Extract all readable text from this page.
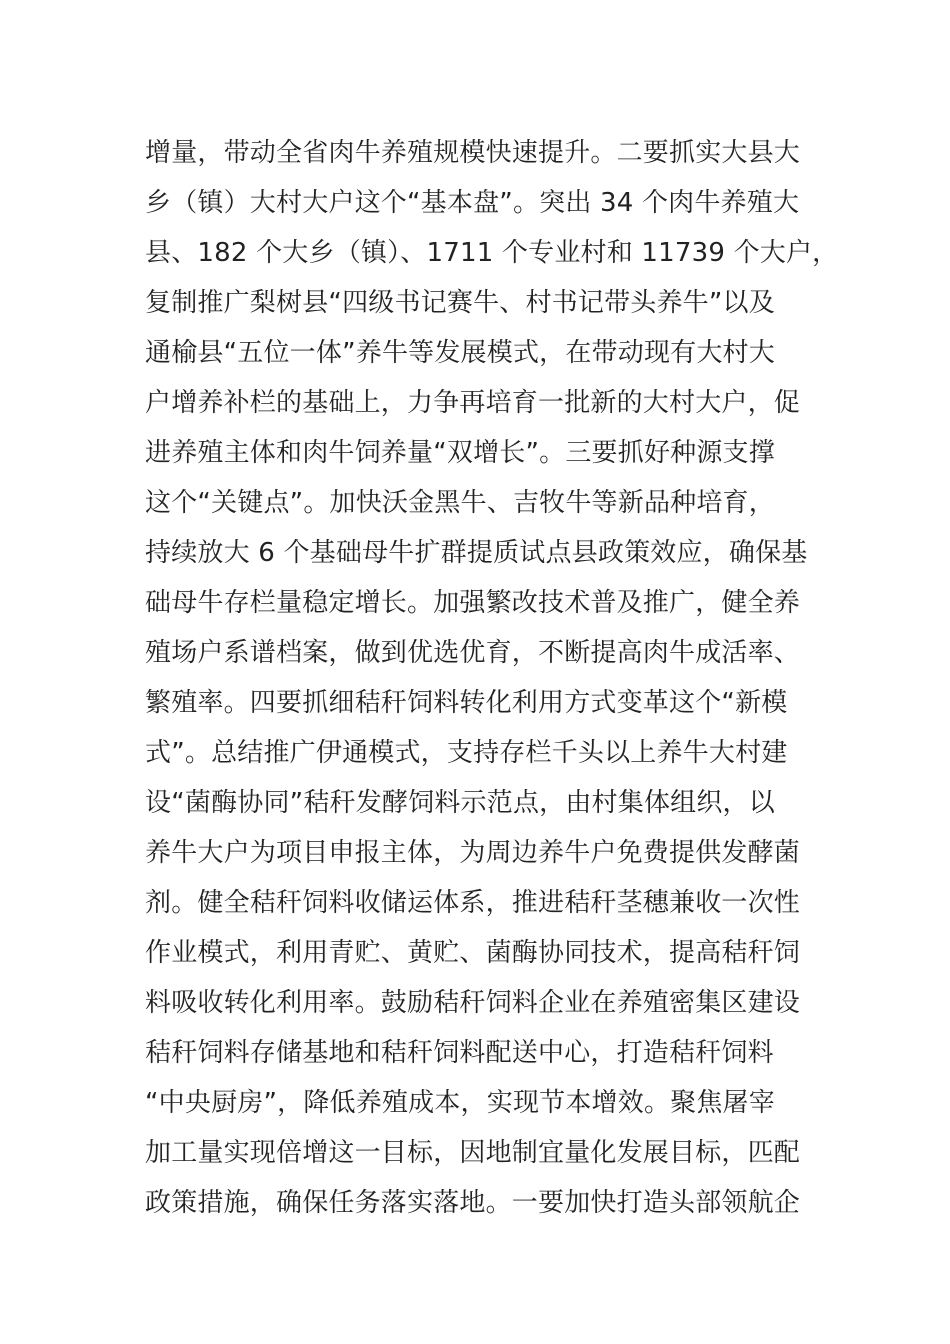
增量，带动全省肉牛养殖规模快速提升。二要抓实大县大
乡（镇）大村大户这个“基本盘”。突出 34 个肉牛养殖大
县、182 个大乡（镇）、1711 个专业村和 11739 个大户，
复制推广梨树县“四级书记赛牛、村书记带头养牛”以及
通榆县“五位一体”养牛等发展模式，在带动现有大村大
户增养补栏的基础上，力争再培育一批新的大村大户，促
进养殖主体和肉牛饲养量“双增长”。三要抓好种源支撑
这个“关键点”。加快沃金黑牛、吉牧牛等新品种培育，
持续放大 6 个基础母牛扩群提质试点县政策效应，确保基
础母牛存栏量稳定增长。加强繁改技术普及推广，健全养
殖场户系谱档案，做到优选优育，不断提高肉牛成活率、
繁殖率。四要抓细秸秆饲料转化利用方式变革这个“新模
式”。总结推广伊通模式，支持存栏千头以上养牛大村建
设“菌酶协同”秸秆发酵饲料示范点，由村集体组织，以
养牛大户为项目申报主体，为周边养牛户免费提供发酵菌
剂。健全秸秆饲料收储运体系，推进秸秆茎穗兼收一次性
作业模式，利用青贮、黄贮、菌酶协同技术，提高秸秆饲
料吸收转化利用率。鼓励秸秆饲料企业在养殖密集区建设
秸秆饲料存储基地和秸秆饲料配送中心，打造秸秆饲料
“中央厨房”，降低养殖成本，实现节本增效。聚焦屠宰
加工量实现倍增这一目标，因地制宜量化发展目标，匹配
政策措施，确保任务落实落地。一要加快打造头部领航企
